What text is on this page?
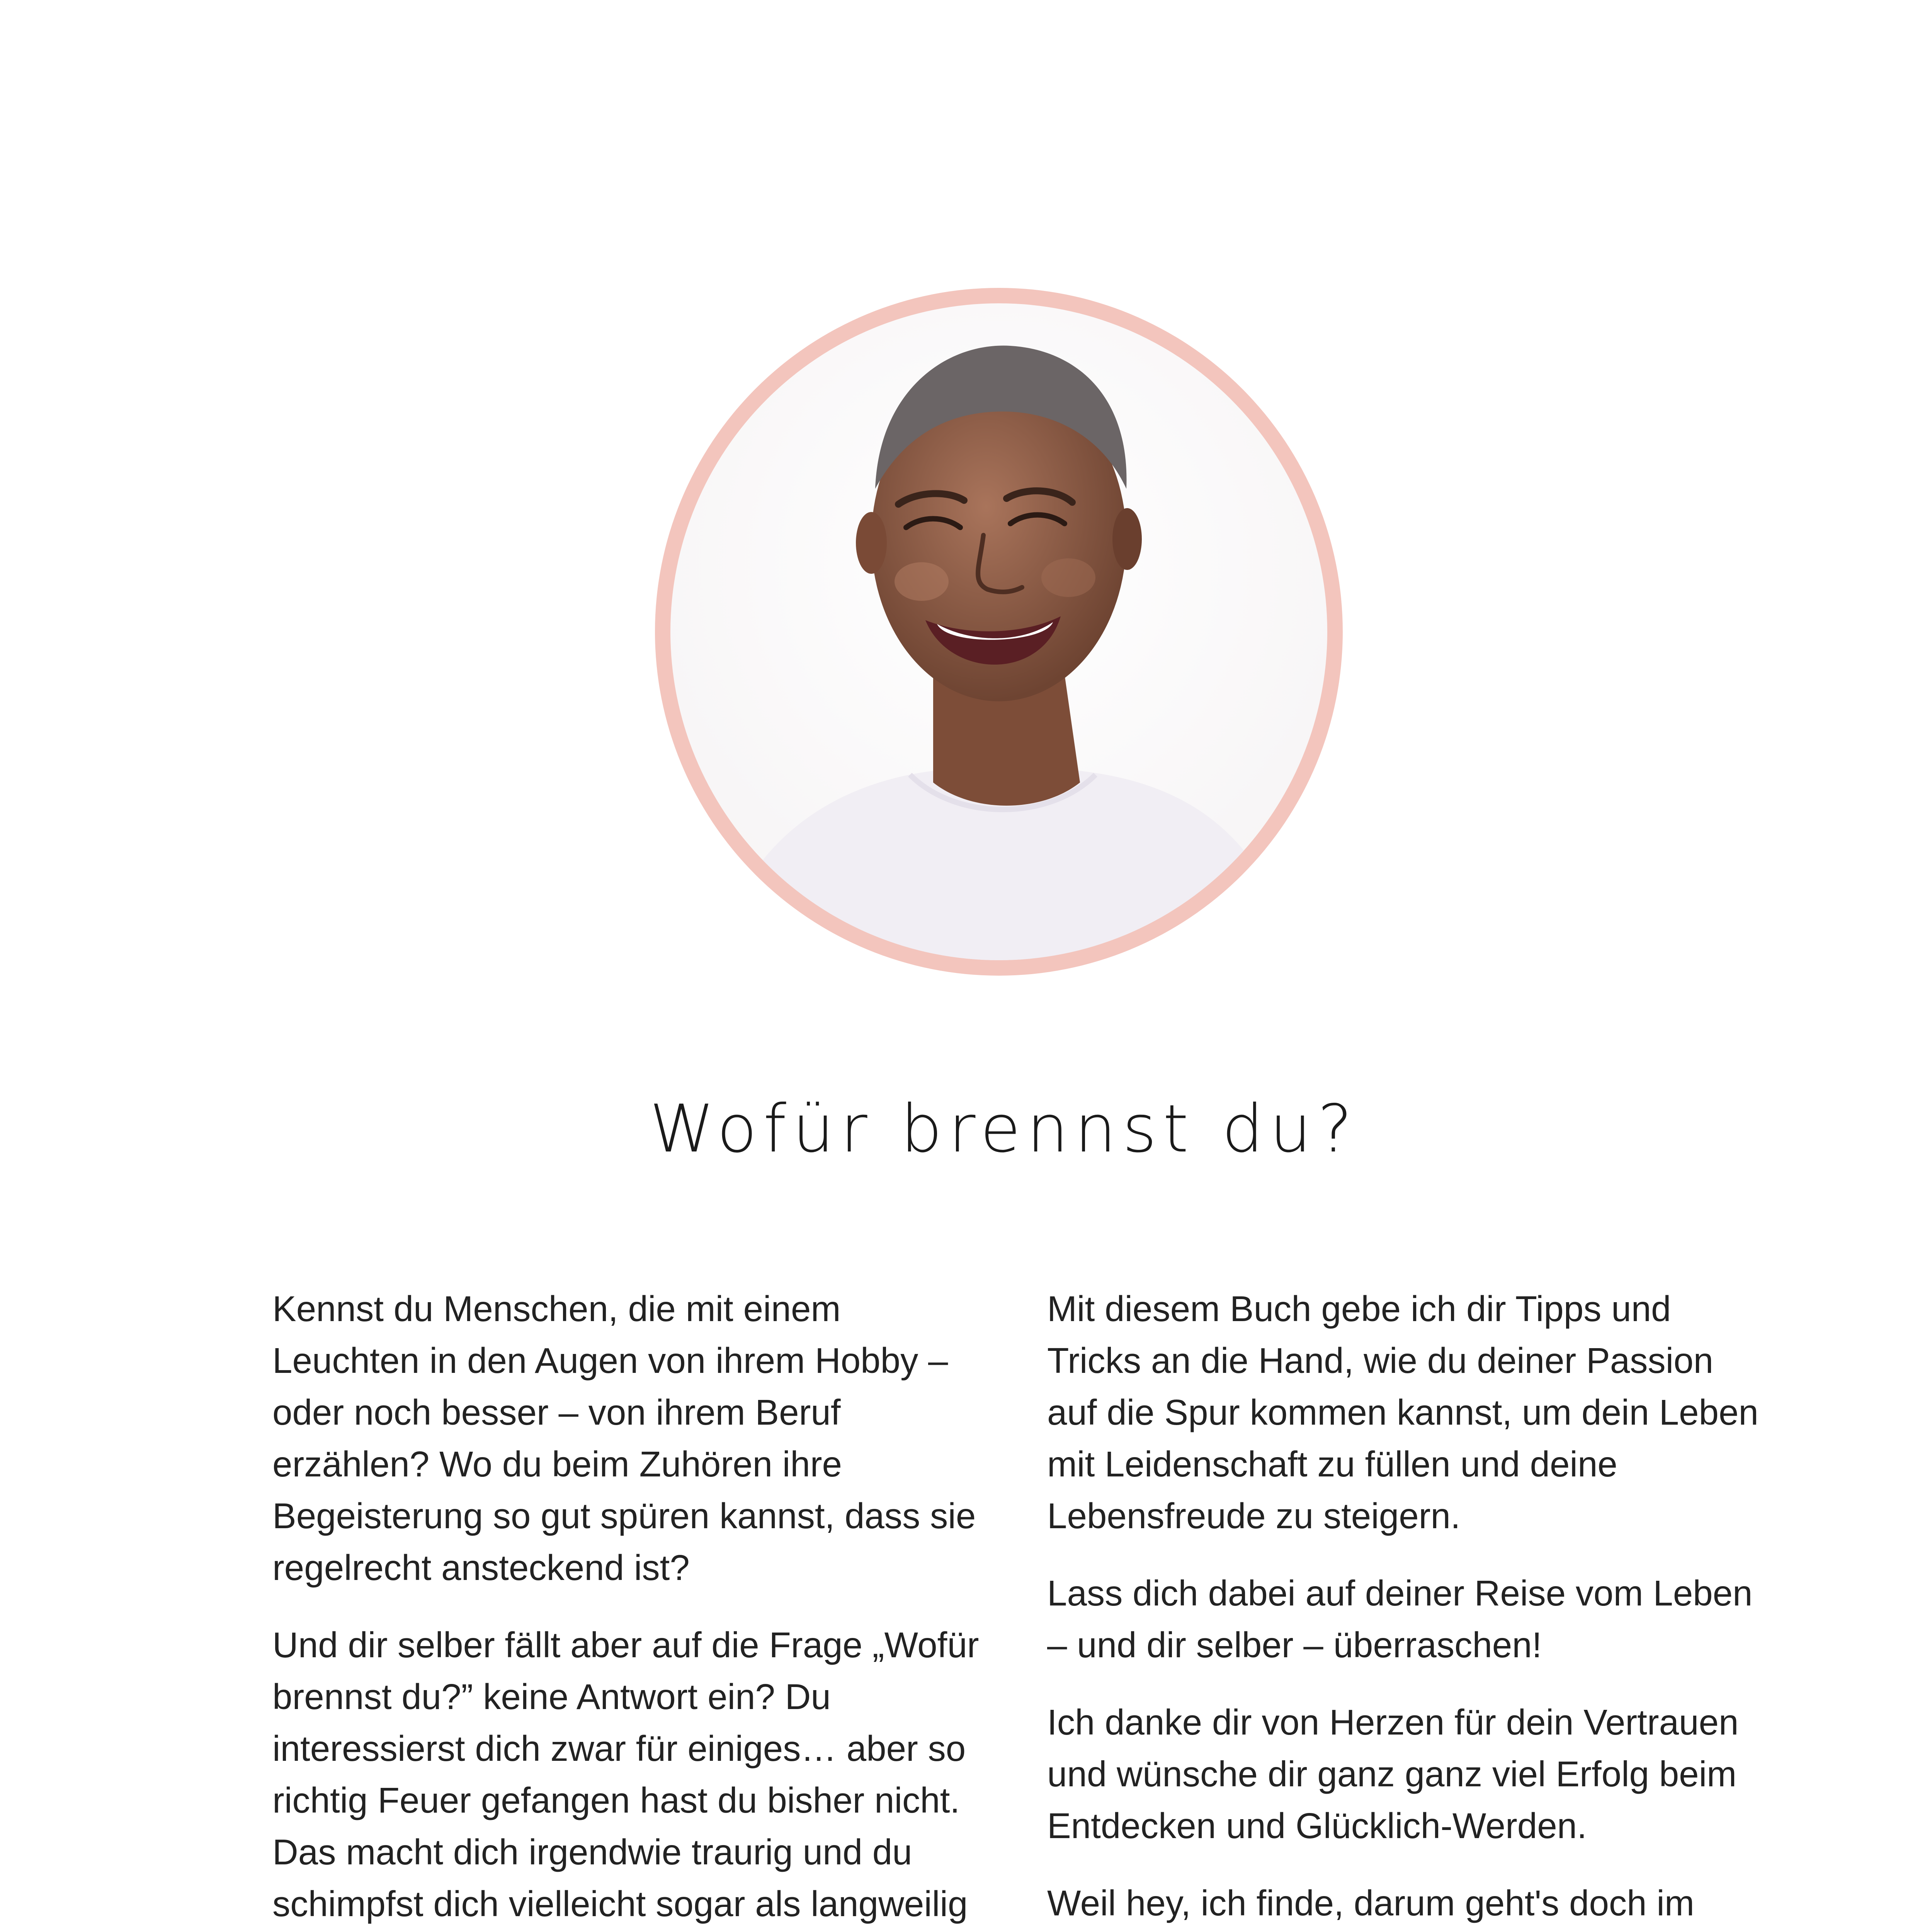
Wofür brennst du?

Kennst du Menschen, die mit einem Leuchten in den Augen von ihrem Hobby – oder noch besser – von ihrem Beruf erzählen? Wo du beim Zuhören ihre Begeisterung so gut spüren kannst, dass sie regelrecht ansteckend ist?

Und dir selber fällt aber auf die Frage „Wofür brennst du?” keine Antwort ein? Du interessierst dich zwar für einiges… aber so richtig Feuer gefangen hast du bisher nicht. Das macht dich irgendwie traurig und du schimpfst dich vielleicht sogar als langweilig

Mit diesem Buch gebe ich dir Tipps und Tricks an die Hand, wie du deiner Passion auf die Spur kommen kannst, um dein Leben mit Leidenschaft zu füllen und deine Lebensfreude zu steigern.

Lass dich dabei auf deiner Reise vom Leben – und dir selber – überraschen!

Ich danke dir von Herzen für dein Vertrauen und wünsche dir ganz ganz viel Erfolg beim Entdecken und Glücklich-Werden.

Weil hey, ich finde, darum geht's doch im
